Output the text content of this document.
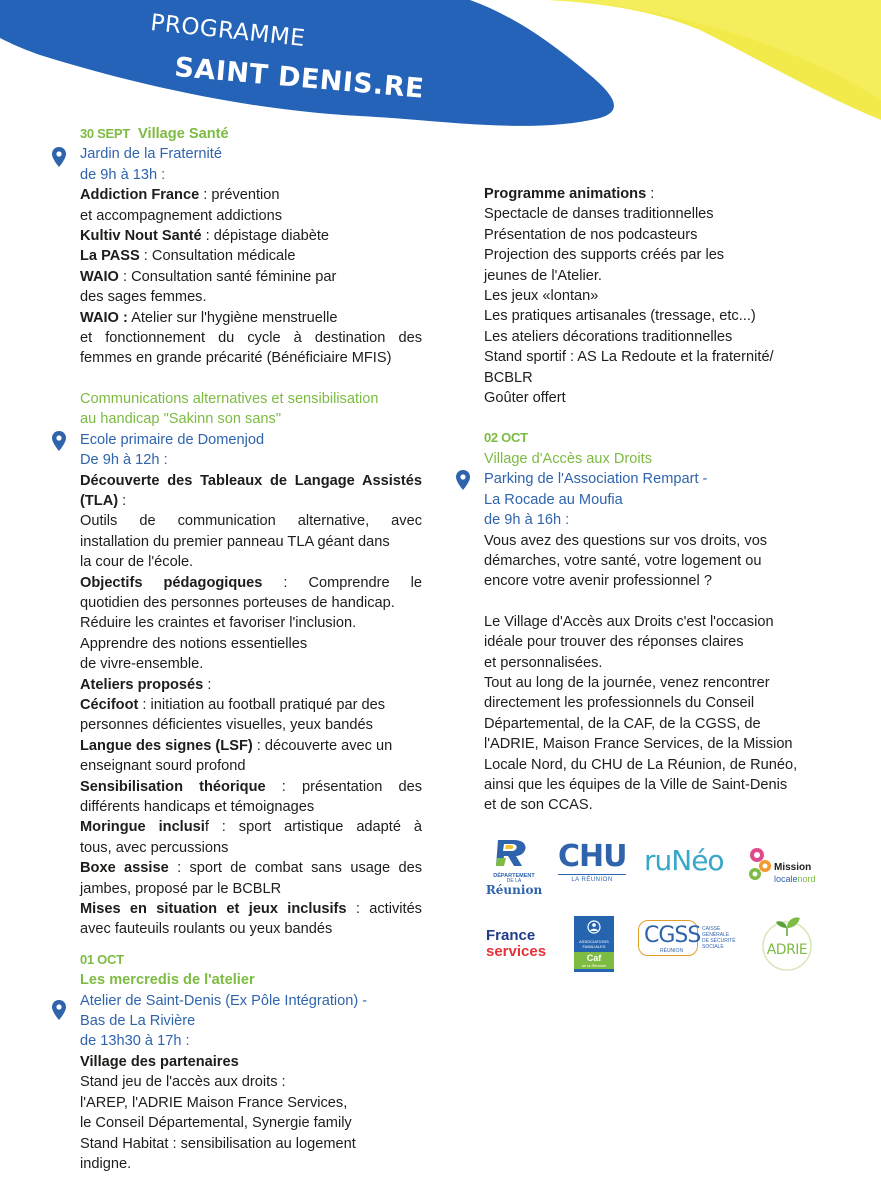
PROGRAMME
SAINT DENIS.RE
30 SEPT Village Santé
Jardin de la Fraternité
de 9h à 13h :
Addiction France : prévention
et accompagnement addictions
Kultiv Nout Santé : dépistage diabète
La PASS : Consultation médicale
WAIO : Consultation santé féminine par
des sages femmes.
WAIO : Atelier sur l'hygiène menstruelle
et fonctionnement du cycle à destination des
femmes en grande précarité (Bénéficiaire MFIS)
Communications alternatives et sensibilisation
au handicap "Sakinn son sans"
Ecole primaire de Domenjod
De 9h à 12h :
Découverte des Tableaux de Langage Assistés
(TLA) :
Outils de communication alternative, avec
installation du premier panneau TLA géant dans
la cour de l'école.
Objectifs pédagogiques : Comprendre le
quotidien des personnes porteuses de handicap.
Réduire les craintes et favoriser l'inclusion.
Apprendre des notions essentielles
de vivre-ensemble.
Ateliers proposés :
Cécifoot : initiation au football pratiqué par des
personnes déficientes visuelles, yeux bandés
Langue des signes (LSF) : découverte avec un
enseignant sourd profond
Sensibilisation théorique : présentation des
différents handicaps et témoignages
Moringue inclusif : sport artistique adapté à
tous, avec percussions
Boxe assise : sport de combat sans usage des
jambes, proposé par le BCBLR
Mises en situation et jeux inclusifs : activités
avec fauteuils roulants ou yeux bandés
01 OCT
Les mercredis de l'atelier
Atelier de Saint-Denis (Ex Pôle Intégration) -
Bas de La Rivière
de 13h30 à 17h :
Village des partenaires
Stand jeu de l'accès aux droits :
l'AREP, l'ADRIE Maison France Services,
le Conseil Départemental, Synergie family
Stand Habitat : sensibilisation au logement
indigne.
Programme animations :
Spectacle de danses traditionnelles
Présentation de nos podcasteurs
Projection des supports créés par les
jeunes de l'Atelier.
Les jeux «lontan»
Les pratiques artisanales (tressage, etc...)
Les ateliers décorations traditionnelles
Stand sportif : AS La Redoute et la fraternité/
BCBLR
Goûter offert
02 OCT
Village d'Accès aux Droits
Parking de l'Association Rempart -
La Rocade au Moufia
de 9h à 16h :
Vous avez des questions sur vos droits, vos
démarches, votre santé, votre logement ou
encore votre avenir professionnel ?
Le Village d'Accès aux Droits c'est l'occasion
idéale pour trouver des réponses claires
et personnalisées.
Tout au long de la journée, venez rencontrer
directement les professionnels du Conseil
Départemental, de la CAF, de la CGSS, de
l'ADRIE, Maison France Services, de la Mission
Locale Nord, du CHU de La Réunion, de Runéo,
ainsi que les équipes de la Ville de Saint-Denis
et de son CCAS.
DÉPARTEMENT
DE LA
Réunion
CHU
LA RÉUNION
ruNéo	Mission
localenord
France
services
ASSOCIATIONS
FAMILIALES
Caf
de la Réunion
CGSS
RÉUNION
CAISSE
GÉNÉRALE
DE SÉCURITÉ
SOCIALE	ADRIE
